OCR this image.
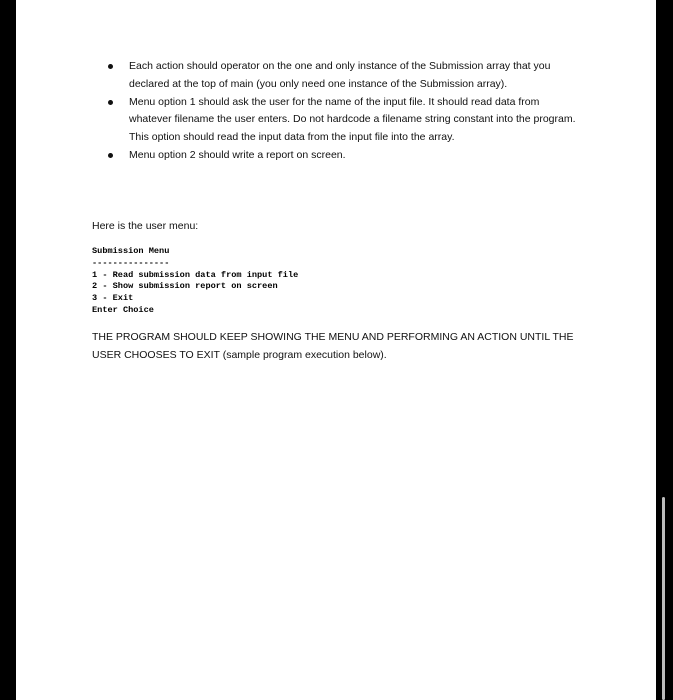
Each action should operator on the one and only instance of the Submission array that you declared at the top of main (you only need one instance of the Submission array).
Menu option 1 should ask the user for the name of the input file. It should read data from whatever filename the user enters. Do not hardcode a filename string constant into the program. This option should read the input data from the input file into the array.
Menu option 2 should write a report on screen.

Here is the user menu:

Submission Menu
---------------
1 - Read submission data from input file
2 - Show submission report on screen
3 - Exit
Enter Choice

THE PROGRAM SHOULD KEEP SHOWING THE MENU AND PERFORMING AN ACTION UNTIL THE USER CHOOSES TO EXIT (sample program execution below).
